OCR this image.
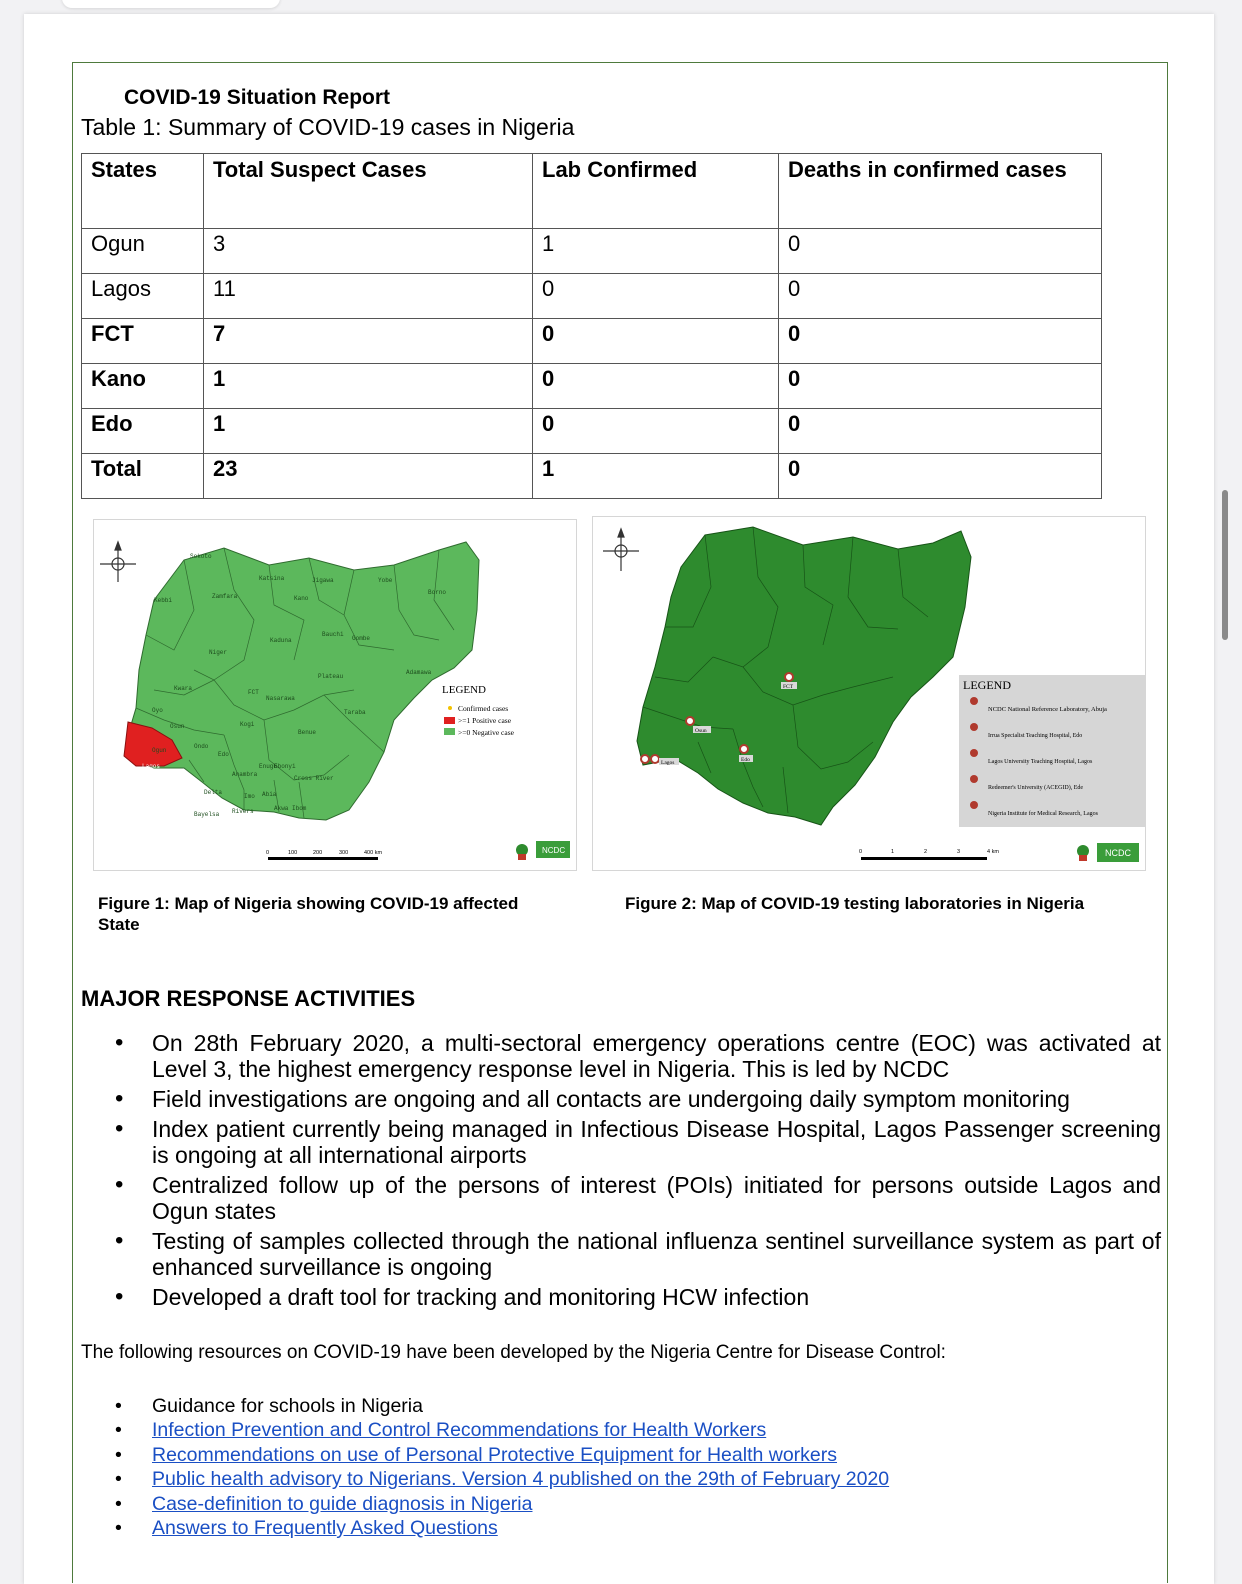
COVID-19 Situation Report
Table 1: Summary of COVID-19 cases in Nigeria
States	Total Suspect Cases	Lab Confirmed	Deaths in confirmed cases
Ogun	3	1	0
Lagos	11	0	0
FCT	7	0	0
Kano	1	0	0
Edo	1	0	0
Total	23	1	0
Sokoto
Kebbi
Zamfara
Katsina
Kano
Jigawa	Yobe
Borno
Kaduna
Bauchi
Gombe
Niger
Plateau
Adamawa
Kwara
FCT
Nasarawa
Taraba
Oyo
Osun	Kogi
Benue
Ogun
Lagos
Ondo
Edo
Enugu
Ebonyi
Anambra
Cross River
Delta
Imo Abia
Bayelsa Rivers	Akwa Ibom
LEGEND
Confirmed cases
>=1 Positive case
>=0 Negative case
0	100	200	300	400 km	NCDC
FCT
Osun
Edo
Lagos
LEGEND
NCDC National Reference Laboratory, Abuja
Irrua Specialist Teaching Hospital, Edo
Lagos University Teaching Hospital, Lagos
Redeemer's University (ACEGID), Ede
Nigeria Institute for Medical Research, Lagos
0	1	2	3	4 km	NCDC
Figure 1: Map of Nigeria showing COVID-19 affected State
Figure 2: Map of COVID-19 testing laboratories in Nigeria
MAJOR RESPONSE ACTIVITIES
• On 28th February 2020, a multi-sectoral emergency operations centre (EOC) was activated at Level 3, the highest emergency response level in Nigeria. This is led by NCDC
• Field investigations are ongoing and all contacts are undergoing daily symptom monitoring
• Index patient currently being managed in Infectious Disease Hospital, Lagos Passenger screening is ongoing at all international airports
• Centralized follow up of the persons of interest (POIs) initiated for persons outside Lagos and Ogun states
• Testing of samples collected through the national influenza sentinel surveillance system as part of enhanced surveillance is ongoing
• Developed a draft tool for tracking and monitoring HCW infection
The following resources on COVID-19 have been developed by the Nigeria Centre for Disease Control:
• Guidance for schools in Nigeria
• Infection Prevention and Control Recommendations for Health Workers
• Recommendations on use of Personal Protective Equipment for Health workers
• Public health advisory to Nigerians. Version 4 published on the 29th of February 2020
• Case-definition to guide diagnosis in Nigeria
• Answers to Frequently Asked Questions
